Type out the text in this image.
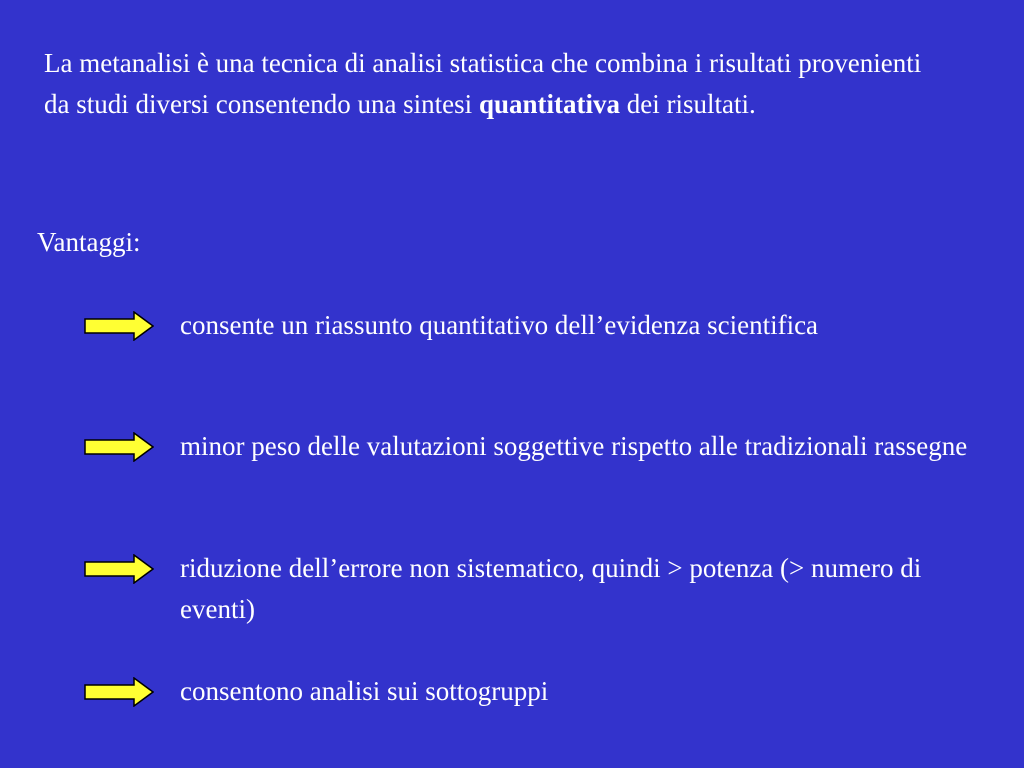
La metanalisi è una tecnica di analisi statistica che combina i risultati provenienti da studi diversi consentendo una sintesi quantitativa dei risultati.

Vantaggi:

consente un riassunto quantitativo dell’evidenza scientifica

minor peso delle valutazioni soggettive rispetto alle tradizionali rassegne

riduzione dell’errore non sistematico, quindi > potenza (> numero di eventi)

consentono analisi sui sottogruppi
